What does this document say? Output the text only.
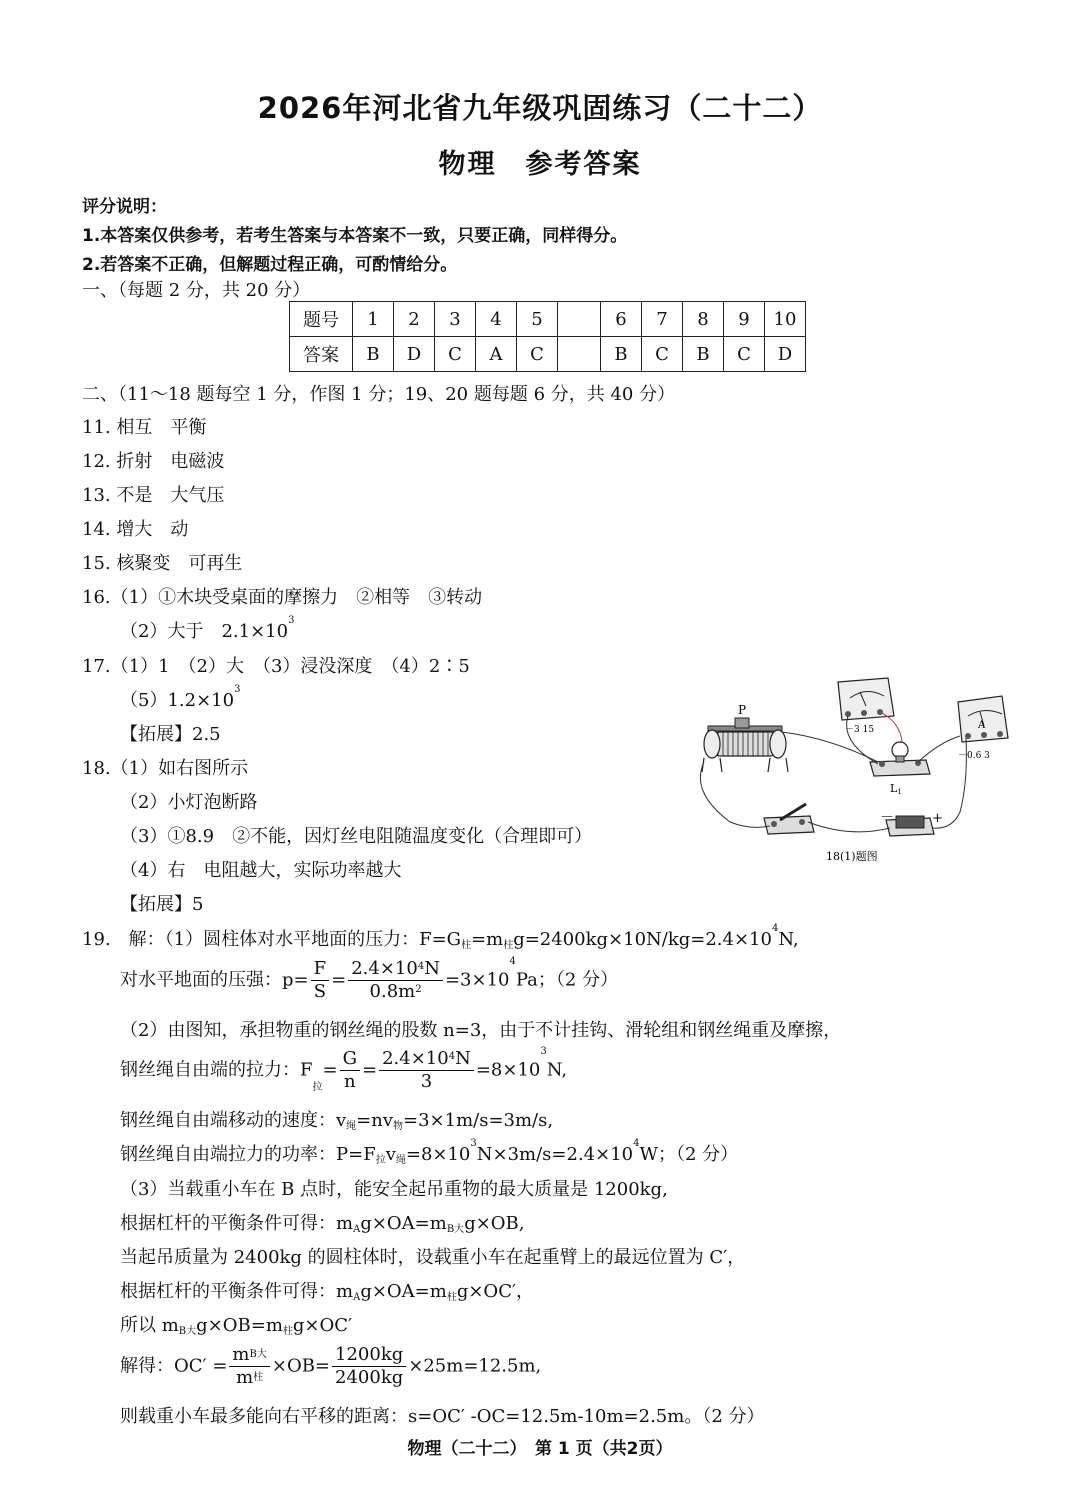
2026年河北省九年级巩固练习（二十二）
物理　参考答案
评分说明：
1.本答案仅供参考，若考生答案与本答案不一致，只要正确，同样得分。
2.若答案不正确，但解题过程正确，可酌情给分。
一、（每题 2 分，共 20 分）
题号	1	2	3	4	5		6	7	8	9	10
答案	B	D	C	A	C		B	C	B	C	D
二、（11～18 题每空 1 分，作图 1 分；19、20 题每题 6 分，共 40 分）
11. 相互　平衡
12. 折射　电磁波
13. 不是　大气压
14. 增大　动
15. 核聚变　可再生
16.（1）①木块受桌面的摩擦力　②相等　③转动
（2）大于　$2.1\times 10^3$
17.（1）1　（2）大　（3）浸没深度　（4）2∶5
$(5)1.2\times 10^3$
【拓展】2.5
18.（1）如右图所示
（2）小灯泡断路
（3）①8.9　②不能，因灯丝电阻随温度变化（合理即可）
（4）右　电阻越大，实际功率越大
【拓展】5
P
－3 15	A
－0.6 3
L1
－	+
18(1)题图
19.　解：（1）圆柱体对水平地面的压力：F=G柱=m柱$g=2400kg\times 10N/kg=2.4\times 10^4N$,
对水平地面的压强：$p= \frac{F}{S} = \frac{2.4\times 10^4N}{0.8m^2} =3\times 10^4Pa$；（2 分）
（2）由图知，承担物重的钢丝绳的股数 n=3，由于不计挂钩、滑轮组和钢丝绳重及摩擦，
钢丝绳自由端的拉力：F拉= $\frac{G}{n} = \frac{2.4\times 10^4N}{3} =8\times 10^3N$,
钢丝绳自由端移动的速度：v绳=nv物=3×1m/s=3m/s,
钢丝绳自由端拉力的功率：P=F拉v绳$=8\times 10^3N\times 3m/s=2.4\times 10^4W$；（2 分）
（3）当载重小车在 B 点时，能安全起吊重物的最大质量是 1200kg,
根据杠杆的平衡条件可得：mAg×OA=mB大g×OB,
当起吊质量为 2400kg 的圆柱体时，设载重小车在起重臂上的最远位置为 C′，
根据杠杆的平衡条件可得：mAg×OA=m柱g×OC′，
所以 mB大g×OB=m柱g×OC′
解得：$OC' = \frac{\text{mB大}}{\text{m柱}} \times OB= \frac{1200kg}{2400kg} \times 25m=12.5m$,
则载重小车最多能向右平移的距离：s=OC′ -OC=12.5m-10m=2.5m。（2 分）
物理（二十二）　第 1 页（共2页）
